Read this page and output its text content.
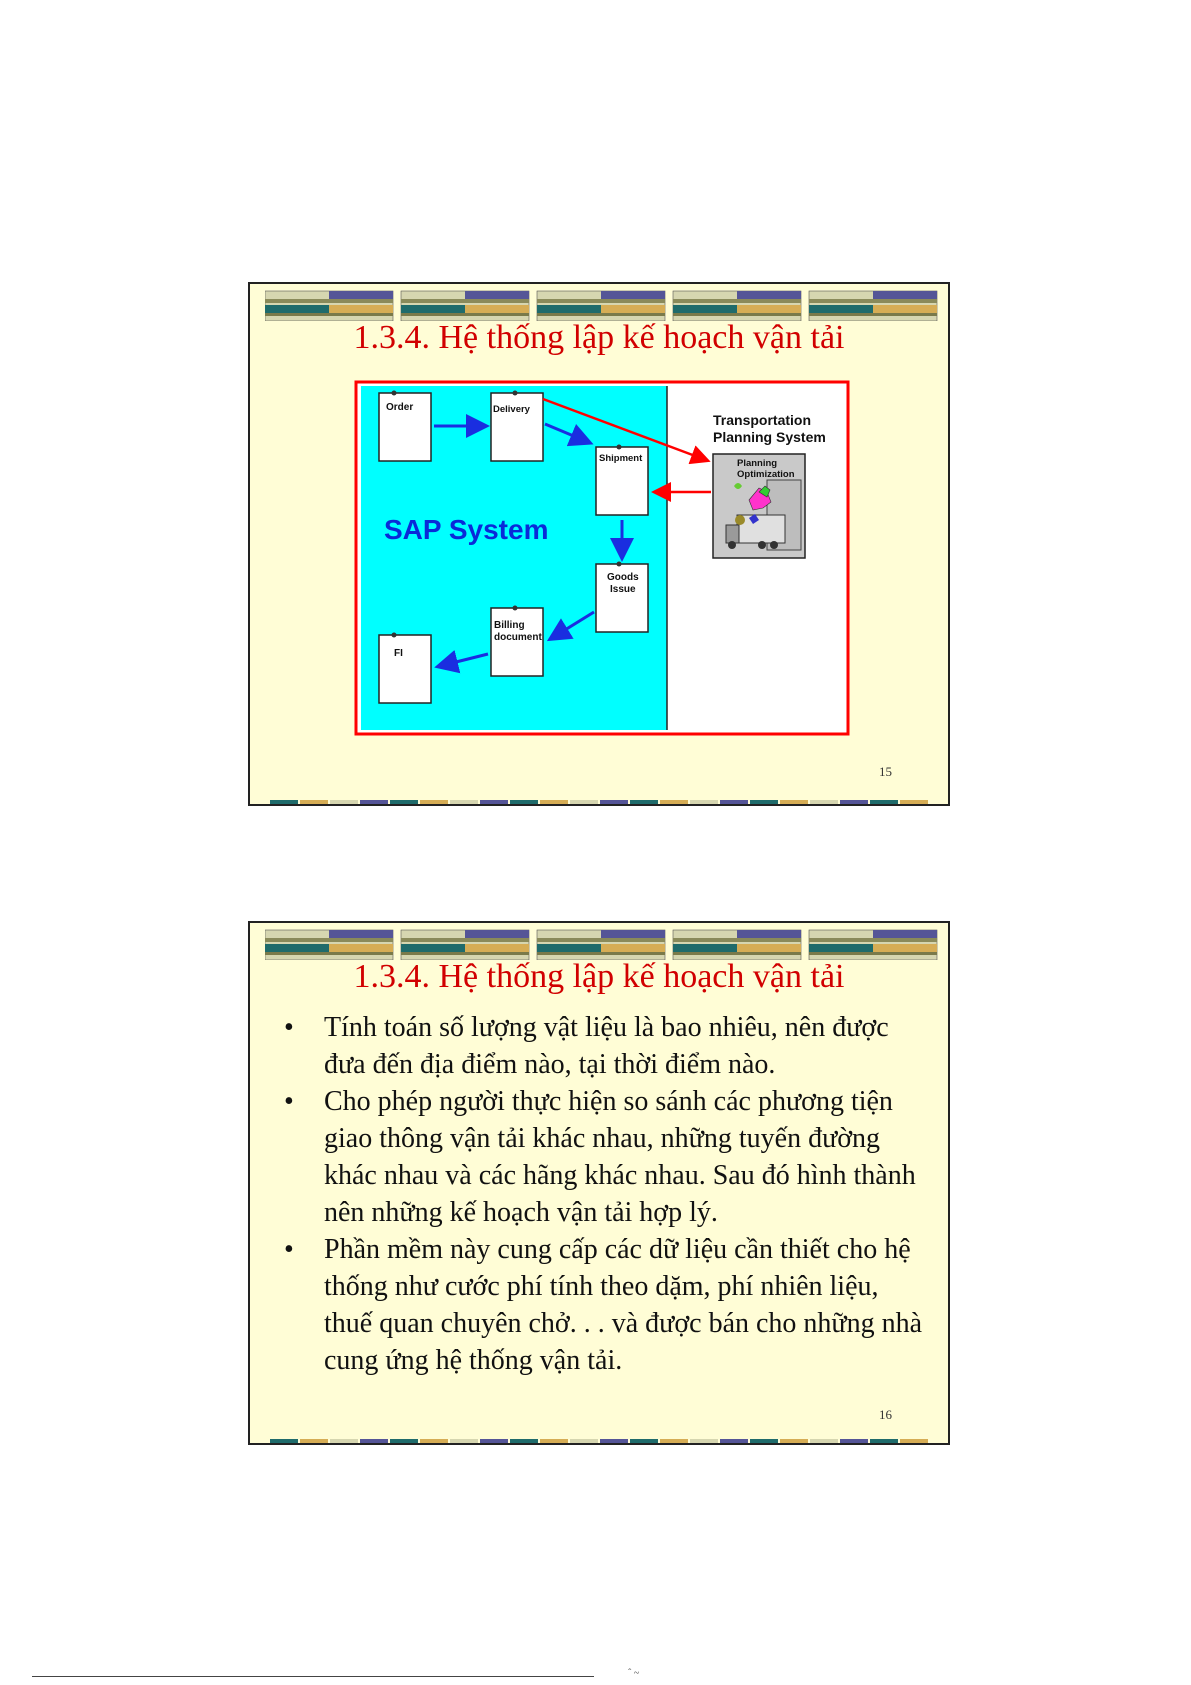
1.3.4. Hệ thống lập kế hoạch vận tải
Order	Delivery
Shipment
Goods
Issue
Billing
document
FI
SAP System
Transportation
Planning System
Planning
Optimization
15
1.3.4. Hệ thống lập kế hoạch vận tải
• Tính toán số lượng vật liệu là bao nhiêu, nên được đưa đến địa điểm nào, tại thời điểm nào.
• Cho phép người thực hiện so sánh các phương tiện giao thông vận tải khác nhau, những tuyến đường khác nhau và các hãng khác nhau. Sau đó hình thành nên những kế hoạch vận tải hợp lý.
• Phần mềm này cung cấp các dữ liệu cần thiết cho hệ thống như cước phí tính theo dặm, phí nhiên liệu, thuế quan chuyên chở. . . và được bán cho những nhà cung ứng hệ thống vận tải.
16
ˆ ~
